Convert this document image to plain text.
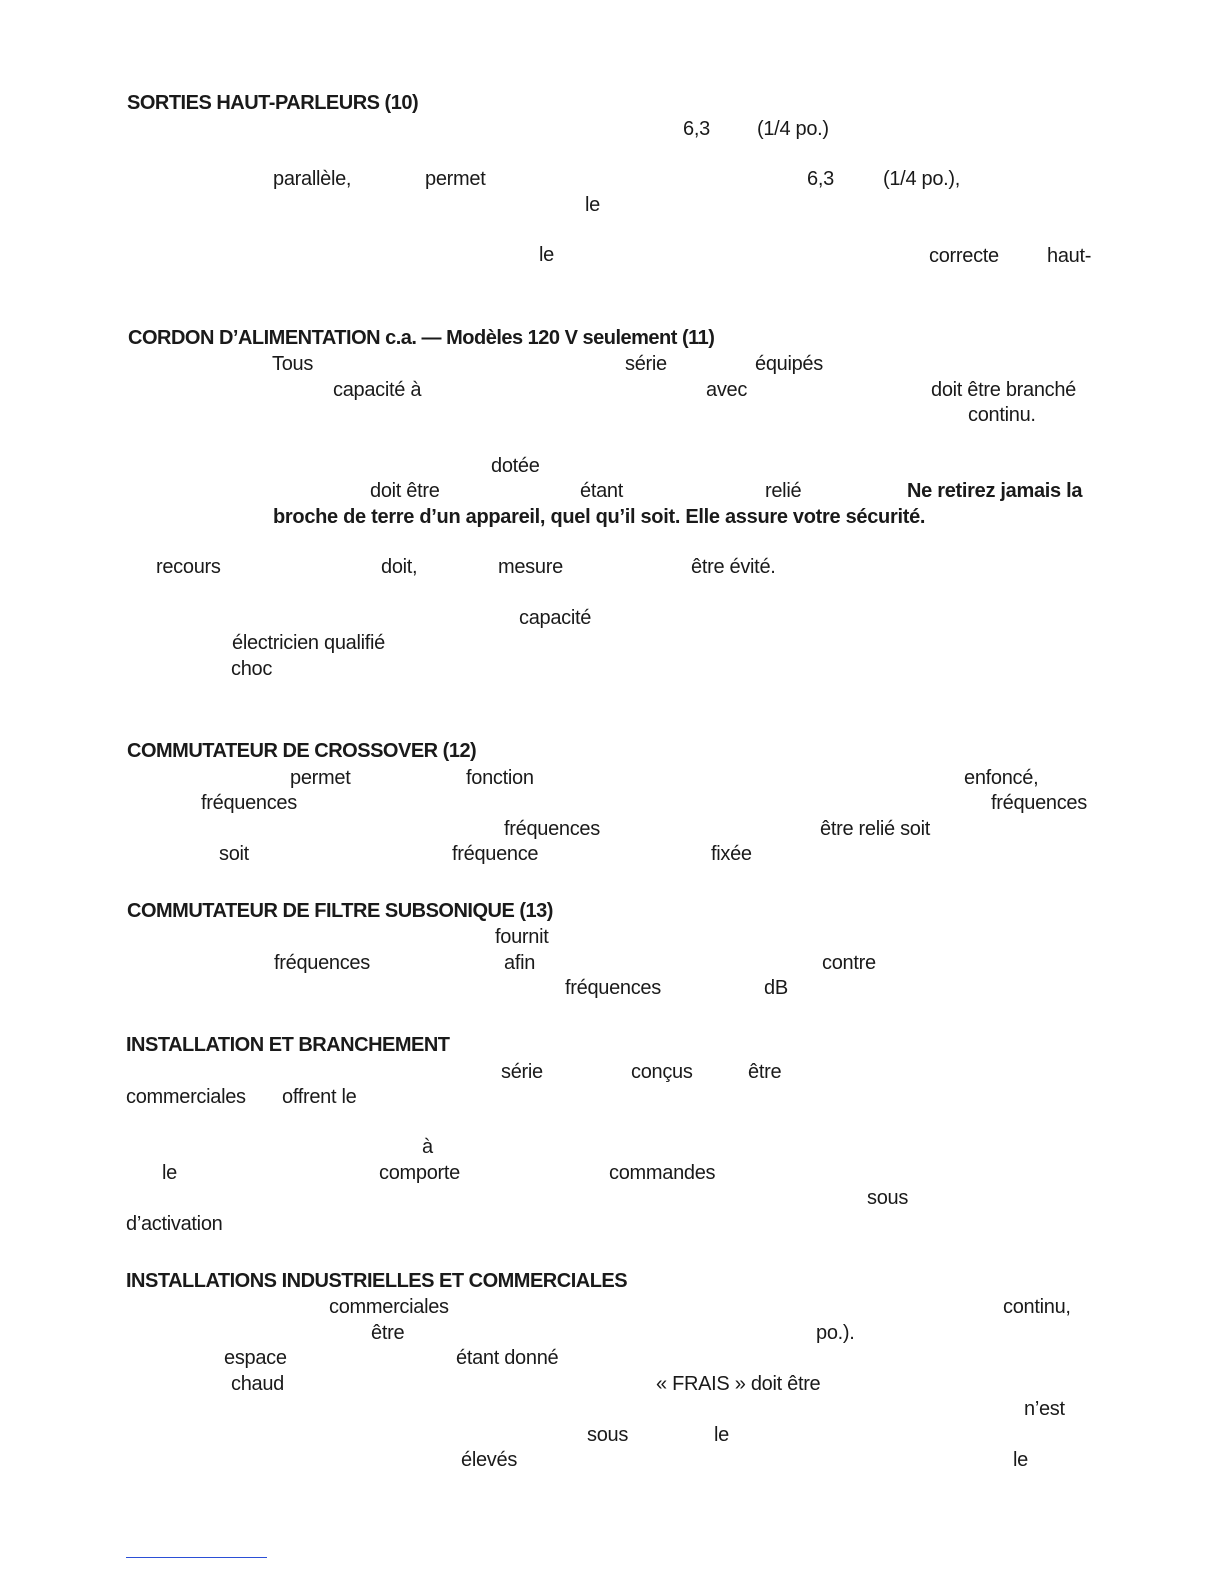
SORTIES HAUT-PARLEURS (10)
6,3 (1/4 po.)
parallèle,	permet	6,3 (1/4 po.),
le
le	correcte haut-
CORDON D’ALIMENTATION c.a. — Modèles 120 V seulement (11)
Tous	série	équipés
capacité à	avec	doit être branché
continu.
dotée
doit être	étant	relié	Ne retirez jamais la
broche de terre d’un appareil, quel qu’il soit. Elle assure votre sécurité.
recours	doit,	mesure	être évité.
capacité
électricien qualifié
choc
COMMUTATEUR DE CROSSOVER (12)
permet	fonction	enfoncé,
fréquences	fréquences
fréquences	être relié soit
soit	fréquence	fixée
COMMUTATEUR DE FILTRE SUBSONIQUE (13)
fournit
fréquences	afin	contre
fréquences	dB
INSTALLATION ET BRANCHEMENT
série	conçus	être
commerciales offrent le
à
le	comporte	commandes
sous
d’activation
INSTALLATIONS INDUSTRIELLES ET COMMERCIALES
commerciales	continu,
être	po.).
espace	étant donné
chaud	« FRAIS » doit être
n’est
sous	le
élevés	le
